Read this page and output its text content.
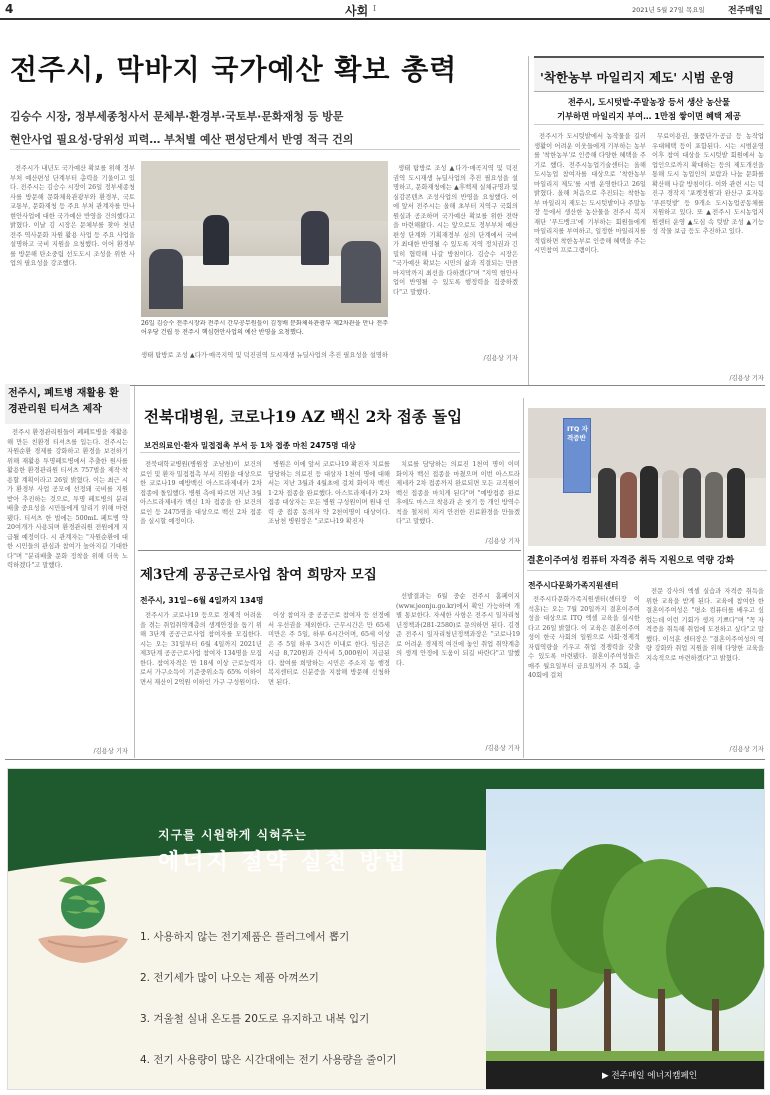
4	사회 Ⅰ	2021년 5월 27일 목요일	전주매일
전주시, 막바지 국가예산 확보 총력
김승수 시장, 정부세종청사서 문체부·환경부·국토부·문화재청 등 방문
현안사업 필요성·당위성 피력… 부처별 예산 편성단계서 반영 적극 건의

전주시가 내년도 국가예산 확보를 위해 정부부처 예산편성 단계부터 총력을 기울이고 있다. 전주시는 김승수 시장이 26일 정부세종청사를 방문해 문화체육관광부와 환경부, 국토교통부, 문화재청 등 주요 부처 관계자를 만나 현안사업에 대한 국가예산 반영을 건의했다고 밝혔다. 이날 김 시장은 문체부를 찾아 천년 전주 역사문화 자원 활용 사업 등 주요 사업을 설명하고 국비 지원을 요청했다. 이어 환경부를 방문해 탄소중립 선도도시 조성을 위한 사업의 필요성을 강조했다.

26일 김승수 전주시장과 전주시 간부공무원들이 김정배 문화체육관광부 제2차관을 만나 전주어우당 건립 등 전주시 핵심현안사업의 예산 반영을 요청했다.
생태 탐방로 조성 ▲다가·매곡지역 및 덕진권역 도시재생 뉴딜사업의 추진 필요성을 설명하

생태 탐방로 조성 ▲다가·매곡지역 및 덕진권역 도시재생 뉴딜사업의 추진 필요성을 설명하고, 문화재청에는 ▲후백제 실체규명과 및 실감콘텐츠 조성사업의 반영을 요청했다. 이에 앞서 전주시는 올해 초부터 지역구 국회의원실과 공조하며 국가예산 확보를 위한 전략을 마련해왔다. 시는 앞으로도 정부부처 예산편성 단계와 기획재정부 심의 단계에서 국비가 최대한 반영될 수 있도록 지역 정치권과 긴밀히 협력해 나갈 방침이다. 김승수 시장은 "국가예산 확보는 시민의 삶과 직결되는 만큼 마지막까지 최선을 다하겠다"며 "지역 현안사업이 반영될 수 있도록 행정력을 집중하겠다"고 말했다.

/김용상 기자
'착한농부 마일리지 제도' 시범 운영
전주시, 도시텃밭·주말농장 등서 생산 농산물
기부하면 마일리지 부여… 1만점 쌓이면 혜택 제공

전주시가 도시텃밭에서 농작물을 길러 생활이 어려운 이웃들에게 기부하는 농부를 '착한농부'로 인증해 다양한 혜택을 주기로 했다. 전주시농업기술센터는 올해 도시농업 참여자를 대상으로 '착한농부 마일리지 제도'를 시범 운영한다고 26일 밝혔다. 올해 처음으로 추진되는 착한농부 마일리지 제도는 도시텃밭이나 주말농장 등에서 생산한 농산물을 전주시 복지재단 '푸드뱅크'에 기부하는 회원들에게 마일리지를 부여하고, 일정한 마일리지를 적립하면 착한농부로 인증해 혜택을 주는 시민참여 프로그램이다.

무료이용권, 물품단가·공급 등 농작업 우대혜택 등이 포함된다. 시는 시범운영 이후 참여 대상을 도시텃밭 회원에서 농업인으로까지 확대하는 등의 제도개선을 통해 도시 농업인의 보람과 나눔 문화를 확산해 나갈 방침이다. 이와 관련 시는 덕진구 경작지 '포켓정원'과 완산구 효자동 '푸른텃밭' 등 9개소 도시농업공동체를 지원하고 있다. 또 ▲전주시 도시농업지원센터 운영 ▲도심 속 텃밭 조성 ▲기능성 작물 보급 등도 추진하고 있다.

/김용상 기자
전주시, 폐트병 재활용 환경관리원 티셔츠 제작

전주시 환경관리원들이 폐페트병을 재활용해 만든 친환경 티셔츠를 입는다. 전주시는 자원순환 경제를 강화하고 환경을 보전하기 위해 재활용 투명페트병에서 추출한 원사를 활용한 환경관리원 티셔츠 757벌을 제작·착용할 계획이라고 26일 밝혔다. 이는 최근 시가 환경부 사업 공모에 선정돼 국비를 지원받아 추진하는 것으로, 투명 페트병의 분리배출 중요성을 시민들에게 알리기 위해 마련됐다. 티셔츠 한 벌에는 500mL 페트병 약 20여개가 사용되며 환경관리원 전원에게 지급될 예정이다. 시 관계자는 "자원순환에 대한 시민들의 관심과 참여가 높아지길 기대한다"며 "분리배출 문화 정착을 위해 더욱 노력하겠다"고 말했다.

/김용상 기자
전북대병원, 코로나19 AZ 백신 2차 접종 돌입
보건의료인·환자 밀접접촉 부서 등 1차 접종 마친 2475명 대상

전북대학교병원(병원장 조남천)이 보건의료인 및 환자 밀접접촉 부서 직원을 대상으로 한 코로나19 예방백신 아스트라제네카 2차 접종에 돌입했다. 병원 측에 따르면 지난 3월 아스트라제네카 백신 1차 접종을 한 보건의료인 등 2475명을 대상으로 백신 2차 접종을 실시할 예정이다.

병원은 이에 앞서 코로나19 확진자 치료를 담당하는 의료진 등 대상자 1천여 명에 대해서는 지난 3월과 4월초에 걸쳐 화이자 백신 1·2차 접종을 완료했다. 아스트라제네카 2차 접종 대상자는 모든 병원 구성원이며 원내 인력 중 접종 동의자 약 2천여명이 대상이다. 조남천 병원장은 "코로나19 확진자

치료를 담당하는 의료진 1천여 명이 이미 화이자 백신 접종을 마쳤으며 이번 아스트라제네카 2차 접종까지 완료되면 모든 교직원이 백신 접종을 마치게 된다"며 "예방접종 완료 후에도 마스크 착용과 손 씻기 등 개인 방역수칙을 철저히 지켜 안전한 진료환경을 만들겠다"고 말했다.

/김용상 기자
ITQ 자격증반
결혼이주여성 컴퓨터 자격증 취득 지원으로 역량 강화
전주시다문화가족지원센터

전주시다문화가족지원센터(센터장 이석훈)는 오는 7월 20일까지 결혼이주여성을 대상으로 ITQ 엑셀 교육을 실시한다고 26일 밝혔다. 이 교육은 결혼이주여성이 한국 사회의 일원으로 사회·경제적 자립역량을 키우고 취업 경쟁력을 갖출 수 있도록 마련됐다. 결혼이주여성들은 매주 월요일부터 금요일까지 주 5회, 총 40회에 걸쳐

전문 강사의 엑셀 실습과 자격증 취득을 위한 교육을 받게 된다. 교육에 참여한 한 결혼이주여성은 "평소 컴퓨터를 배우고 싶었는데 이런 기회가 생겨 기쁘다"며 "꼭 자격증을 취득해 취업에 도전하고 싶다"고 말했다. 이석훈 센터장은 "결혼이주여성의 역량 강화와 취업 지원을 위해 다양한 교육을 지속적으로 마련하겠다"고 밝혔다.

/김용상 기자
제3단계 공공근로사업 참여 희망자 모집
전주시, 31일~6월 4일까지 134명

전주시가 코로나19 등으로 경제적 어려움을 겪는 취업취약계층의 생계안정을 돕기 위해 3단계 공공근로사업 참여자를 모집한다. 시는 오는 31일부터 6월 4일까지 2021년 제3단계 공공근로사업 참여자 134명을 모집한다. 참여자격은 만 18세 이상 근로능력자로서 가구소득이 기준중위소득 65% 이하이면서 재산이 2억원 이하인 가구 구성원이다.

이상 참여자 중 공공근로 참여자 등 선정에서 우선권을 제외한다. 근무시간은 만 65세 미만은 주 5일, 하루 6시간이며, 65세 이상은 주 5일 하루 3시간 이내로 한다. 임금은 시급 8,720원과 간식비 5,000원이 지급된다. 참여를 희망하는 시민은 주소지 동 행정복지센터로 신분증을 지참해 방문해 신청하면 된다.

선발결과는 6월 중순 전주시 홈페이지(www.jeonju.go.kr)에서 확인 가능하며 개별 통보한다. 자세한 사항은 전주시 일자리청년정책과(281-2580)로 문의하면 된다. 김경준 전주시 일자리청년정책과장은 "코로나19로 어려운 경제적 여건에 놓인 취업 취약계층의 생계 안정에 도움이 되길 바란다"고 말했다.

/김용상 기자
지구를 시원하게 식혀주는
에너지 절약 실천 방법
1. 사용하지 않는 전기제품은 플러그에서 뽑기
2. 전기세가 많이 나오는 제품 아껴쓰기
3. 겨울철 실내 온도를 20도로 유지하고 내복 입기
4. 전기 사용량이 많은 시간대에는 전기 사용량을 줄이기
▶ 전주매일 에너지캠페인
